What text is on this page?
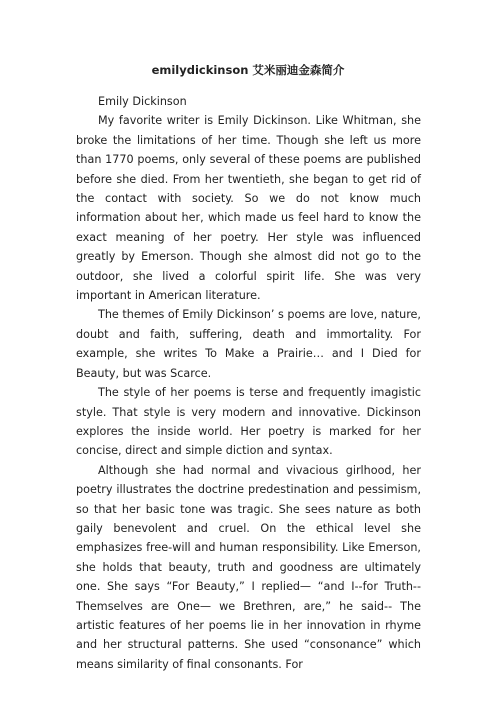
emilydickinson 艾米丽迪金森简介

Emily Dickinson

My favorite writer is Emily Dickinson. Like Whitman, she broke the limitations of her time. Though she left us more than 1770 poems, only several of these poems are published before she died. From her twentieth, she began to get rid of the contact with society. So we do not know much information about her, which made us feel hard to know the exact meaning of her poetry. Her style was influenced greatly by Emerson. Though she almost did not go to the outdoor, she lived a colorful spirit life. She was very important in American literature.

The themes of Emily Dickinson’ s poems are love, nature, doubt and faith, suffering, death and immortality. For example, she writes To Make a Prairie… and I Died for Beauty, but was Scarce.

The style of her poems is terse and frequently imagistic style. That style is very modern and innovative. Dickinson explores the inside world. Her poetry is marked for her concise, direct and simple diction and syntax.

Although she had normal and vivacious girlhood, her poetry illustrates the doctrine predestination and pessimism, so that her basic tone was tragic. She sees nature as both gaily benevolent and cruel. On the ethical level she emphasizes free-will and human responsibility. Like Emerson, she holds that beauty, truth and goodness are ultimately one. She says “For Beauty,” I replied— “and I--for Truth--Themselves are One— we Brethren, are,” he said-- The artistic features of her poems lie in her innovation in rhyme and her structural patterns. She used “consonance” which means similarity of final consonants. For
